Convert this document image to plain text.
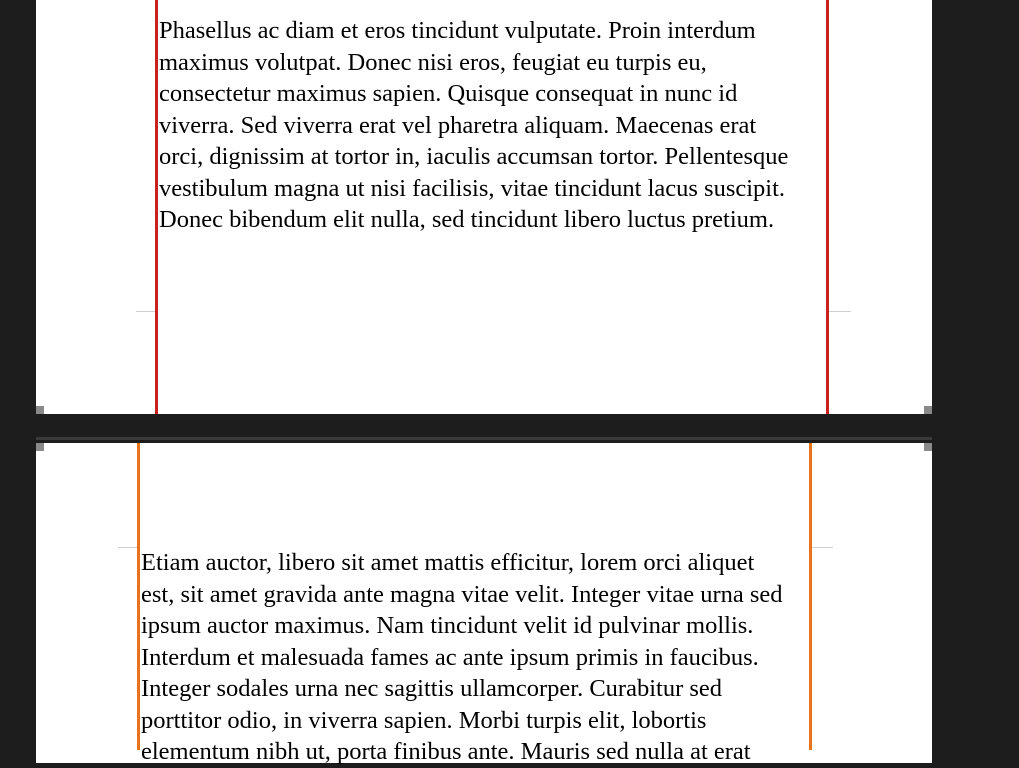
Phasellus ac diam et eros tincidunt vulputate. Proin interdum
maximus volutpat. Donec nisi eros, feugiat eu turpis eu,
consectetur maximus sapien. Quisque consequat in nunc id
viverra. Sed viverra erat vel pharetra aliquam. Maecenas erat
orci, dignissim at tortor in, iaculis accumsan tortor. Pellentesque
vestibulum magna ut nisi facilisis, vitae tincidunt lacus suscipit.
Donec bibendum elit nulla, sed tincidunt libero luctus pretium.

Etiam auctor, libero sit amet mattis efficitur, lorem orci aliquet
est, sit amet gravida ante magna vitae velit. Integer vitae urna sed
ipsum auctor maximus. Nam tincidunt velit id pulvinar mollis.
Interdum et malesuada fames ac ante ipsum primis in faucibus.
Integer sodales urna nec sagittis ullamcorper. Curabitur sed
porttitor odio, in viverra sapien. Morbi turpis elit, lobortis
elementum nibh ut, porta finibus ante. Mauris sed nulla at erat
